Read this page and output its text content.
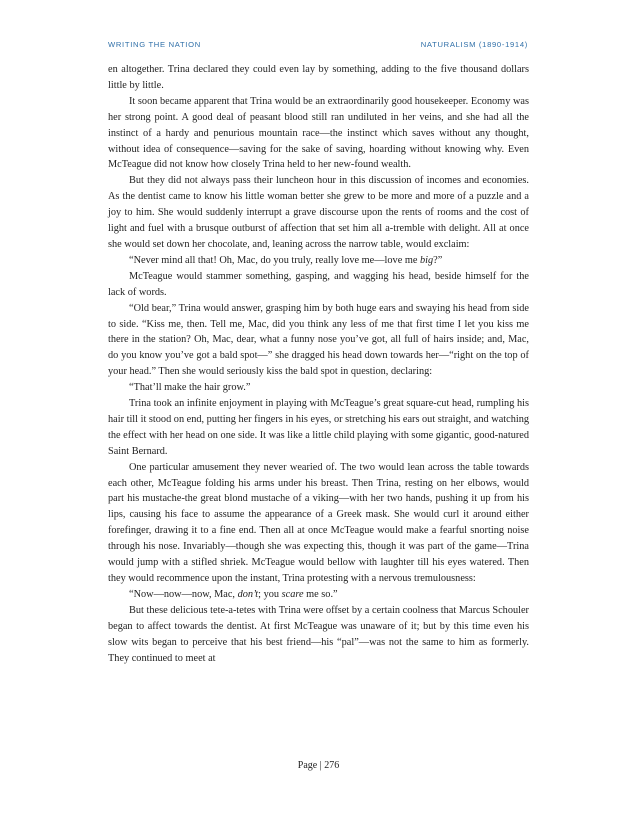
WRITING THE NATION	NATURALISM (1890-1914)

en altogether. Trina declared they could even lay by something, adding to the five thousand dollars little by little.

It soon became apparent that Trina would be an extraordinarily good housekeeper. Economy was her strong point. A good deal of peasant blood still ran undiluted in her veins, and she had all the instinct of a hardy and penurious mountain race—the instinct which saves without any thought, without idea of consequence—saving for the sake of saving, hoarding without knowing why. Even McTeague did not know how closely Trina held to her new-found wealth.

But they did not always pass their luncheon hour in this discussion of incomes and economies. As the dentist came to know his little woman better she grew to be more and more of a puzzle and a joy to him. She would suddenly interrupt a grave discourse upon the rents of rooms and the cost of light and fuel with a brusque outburst of affection that set him all a-tremble with delight. All at once she would set down her chocolate, and, leaning across the narrow table, would exclaim:

“Never mind all that! Oh, Mac, do you truly, really love me—love me big?”

McTeague would stammer something, gasping, and wagging his head, beside himself for the lack of words.

“Old bear,” Trina would answer, grasping him by both huge ears and swaying his head from side to side. “Kiss me, then. Tell me, Mac, did you think any less of me that first time I let you kiss me there in the station? Oh, Mac, dear, what a funny nose you’ve got, all full of hairs inside; and, Mac, do you know you’ve got a bald spot—” she dragged his head down towards her—“right on the top of your head.” Then she would seriously kiss the bald spot in question, declaring:

“That’ll make the hair grow.”

Trina took an infinite enjoyment in playing with McTeague’s great square-cut head, rumpling his hair till it stood on end, putting her fingers in his eyes, or stretching his ears out straight, and watching the effect with her head on one side. It was like a little child playing with some gigantic, good-natured Saint Bernard.

One particular amusement they never wearied of. The two would lean across the table towards each other, McTeague folding his arms under his breast. Then Trina, resting on her elbows, would part his mustache-the great blond mustache of a viking—with her two hands, pushing it up from his lips, causing his face to assume the appearance of a Greek mask. She would curl it around either forefinger, drawing it to a fine end. Then all at once McTeague would make a fearful snorting noise through his nose. Invariably—though she was expecting this, though it was part of the game—Trina would jump with a stifled shriek. McTeague would bellow with laughter till his eyes watered. Then they would recommence upon the instant, Trina protesting with a nervous tremulousness:

“Now—now—now, Mac, don’t; you scare me so.”

But these delicious tete-a-tetes with Trina were offset by a certain coolness that Marcus Schouler began to affect towards the dentist. At first McTeague was unaware of it; but by this time even his slow wits began to perceive that his best friend—his “pal”—was not the same to him as formerly. They continued to meet at

Page | 276
